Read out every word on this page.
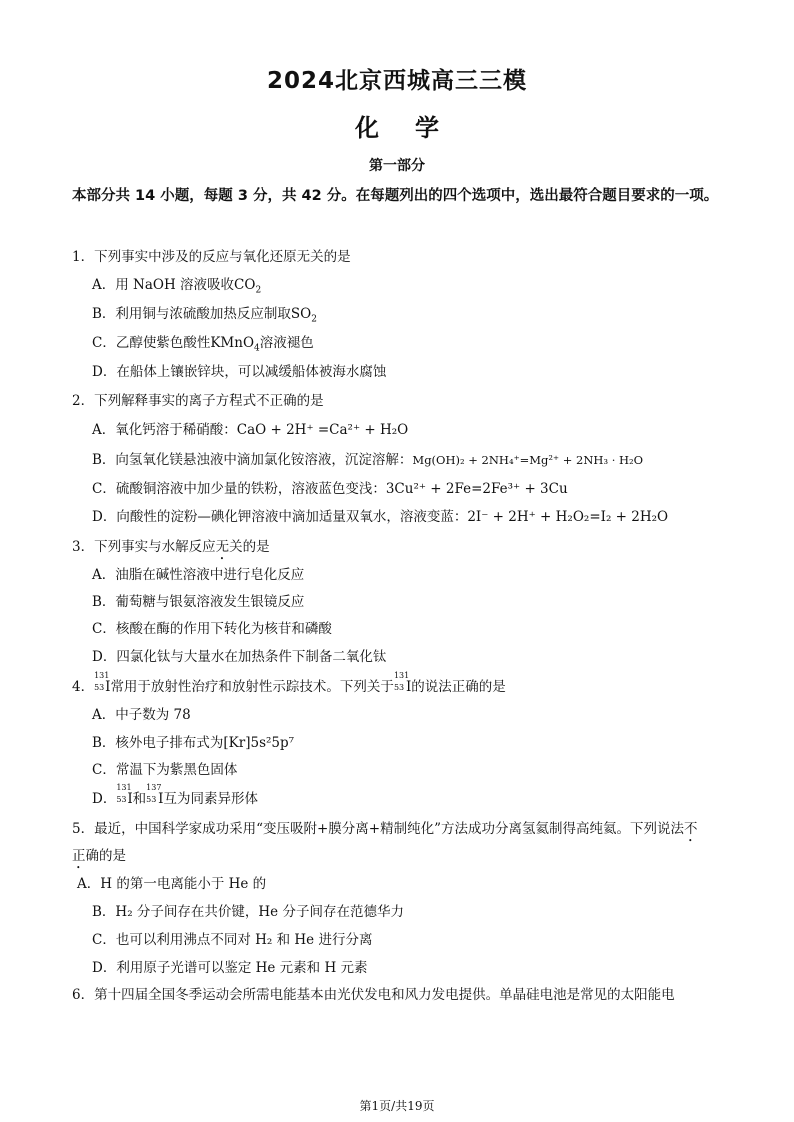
2024北京西城高三三模
化学
第一部分
本部分共 14 小题，每题 3 分，共 42 分。在每题列出的四个选项中，选出最符合题目要求的一项。
1．下列事实中涉及的反应与氧化还原无关的是
A．用 NaOH 溶液吸收$CO_2$
B．利用铜与浓硫酸加热反应制取$SO_2$
C．乙醇使紫色酸性KMnO$_4$溶液褪色
D．在船体上镶嵌锌块，可以减缓船体被海水腐蚀
2．下列解释事实的离子方程式不正确的是
A．氧化钙溶于稀硝酸：CaO + 2H⁺ =Ca²⁺ + H₂O
B．向氢氧化镁悬浊液中滴加氯化铵溶液，沉淀溶解：Mg(OH)₂ + 2NH₄⁺=Mg²⁺ + 2NH₃ · H₂O
C．硫酸铜溶液中加少量的铁粉，溶液蓝色变浅：3Cu²⁺ + 2Fe=2Fe³⁺ + 3Cu
D．向酸性的淀粉—碘化钾溶液中滴加适量双氧水，溶液变蓝：2I⁻ + 2H⁺ + H₂O₂=I₂ + 2H₂O
3．下列事实与水解反应无关的是
A．油脂在碱性溶液中进行皂化反应
B．葡萄糖与银氨溶液发生银镜反应
C．核酸在酶的作用下转化为核苷和磷酸
D．四氯化钛与大量水在加热条件下制备二氧化钛
4．
131
53 I常用于放射性治疗和放射性示踪技术。下列关于
131
53 I的说法正确的是
A．中子数为 78
B．核外电子排布式为[Kr]5s²5p⁷
C．常温下为紫黑色固体
D．
131
53 I和
137
53 I互为同素异形体
5．最近，中国科学家成功采用“变压吸附+膜分离+精制纯化”方法成功分离氢氦制得高纯氦。下列说法不
正确的是
A．H 的第一电离能小于 He 的
B．H₂ 分子间存在共价键，He 分子间存在范德华力
C．也可以利用沸点不同对 H₂ 和 He 进行分离
D．利用原子光谱可以鉴定 He 元素和 H 元素
6．第十四届全国冬季运动会所需电能基本由光伏发电和风力发电提供。单晶硅电池是常见的太阳能电
第1页/共19页
